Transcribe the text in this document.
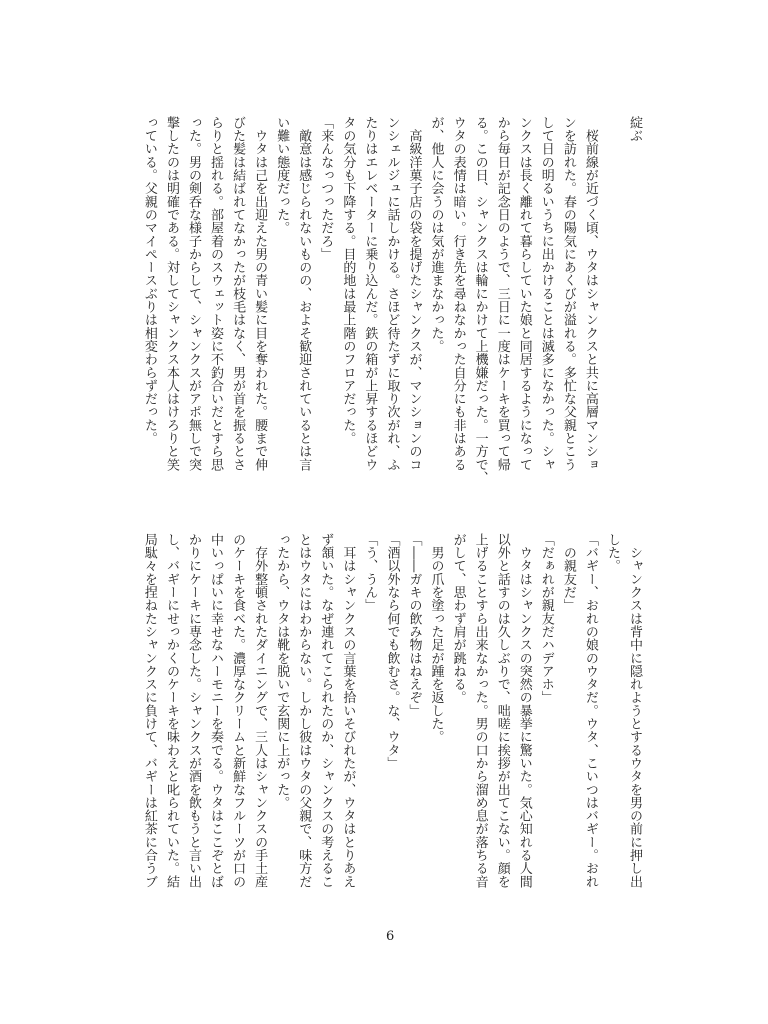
綻ぶ
　桜前線が近づく頃、ウタはシャンクスと共に高層マンショ
ンを訪れた。春の陽気にあくびが溢れる。多忙な父親とこう
して日の明るいうちに出かけることは滅多になかった。シャ
ンクスは長く離れて暮らしていた娘と同居するようになって
から毎日が記念日のようで、三日に一度はケーキを買って帰
る。この日、シャンクスは輪にかけて上機嫌だった。一方で、
ウタの表情は暗い。行き先を尋ねなかった自分にも非はある
が、他人に会うのは気が進まなかった。
　高級洋菓子店の袋を提げたシャンクスが、マンションのコ
ンシェルジュに話しかける。さほど待たずに取り次がれ、ふ
たりはエレベーターに乗り込んだ。鉄の箱が上昇するほどウ
タの気分も下降する。目的地は最上階のフロアだった。
「来んなっつっただろ」
　敵意は感じられないものの、およそ歓迎されているとは言
い難い態度だった。
　ウタは己を出迎えた男の青い髪に目を奪われた。腰まで伸
びた髪は結ばれてなかったが枝毛はなく、男が首を振るとさ
らりと揺れる。部屋着のスウェット姿に不釣合いだとすら思
った。男の剣呑な様子からして、シャンクスがアポ無しで突
撃したのは明確である。対してシャンクス本人はけろりと笑
っている。父親のマイペースぶりは相変わらずだった。
　シャンクスは背中に隠れようとするウタを男の前に押し出
した。
「バギー、おれの娘のウタだ。ウタ、こいつはバギー。おれ
　の親友だ」
「だぁれが親友だハデアホ」
　ウタはシャンクスの突然の暴挙に驚いた。気心知れる人間
以外と話すのは久しぶりで、咄嗟に挨拶が出てこない。顔を
上げることすら出来なかった。男の口から溜め息が落ちる音
がして、思わず肩が跳ねる。
　男の爪を塗った足が踵を返した。
「――ガキの飲み物はねえぞ」
「酒以外なら何でも飲むさ。な、ウタ」
「う、うん」
　耳はシャンクスの言葉を拾いそびれたが、ウタはとりあえ
ず頷いた。なぜ連れてこられたのか、シャンクスの考えるこ
とはウタにはわからない。しかし彼はウタの父親で、味方だ
ったから、ウタは靴を脱いで玄関に上がった。
　存外整頓されたダイニングで、三人はシャンクスの手土産
のケーキを食べた。濃厚なクリームと新鮮なフルーツが口の
中いっぱいに幸せなハーモニーを奏でる。ウタはここぞとば
かりにケーキに専念した。シャンクスが酒を飲もうと言い出
し、バギーにせっかくのケーキを味わえと叱られていた。結
局駄々を捏ねたシャンクスに負けて、バギーは紅茶に合うブ
6
